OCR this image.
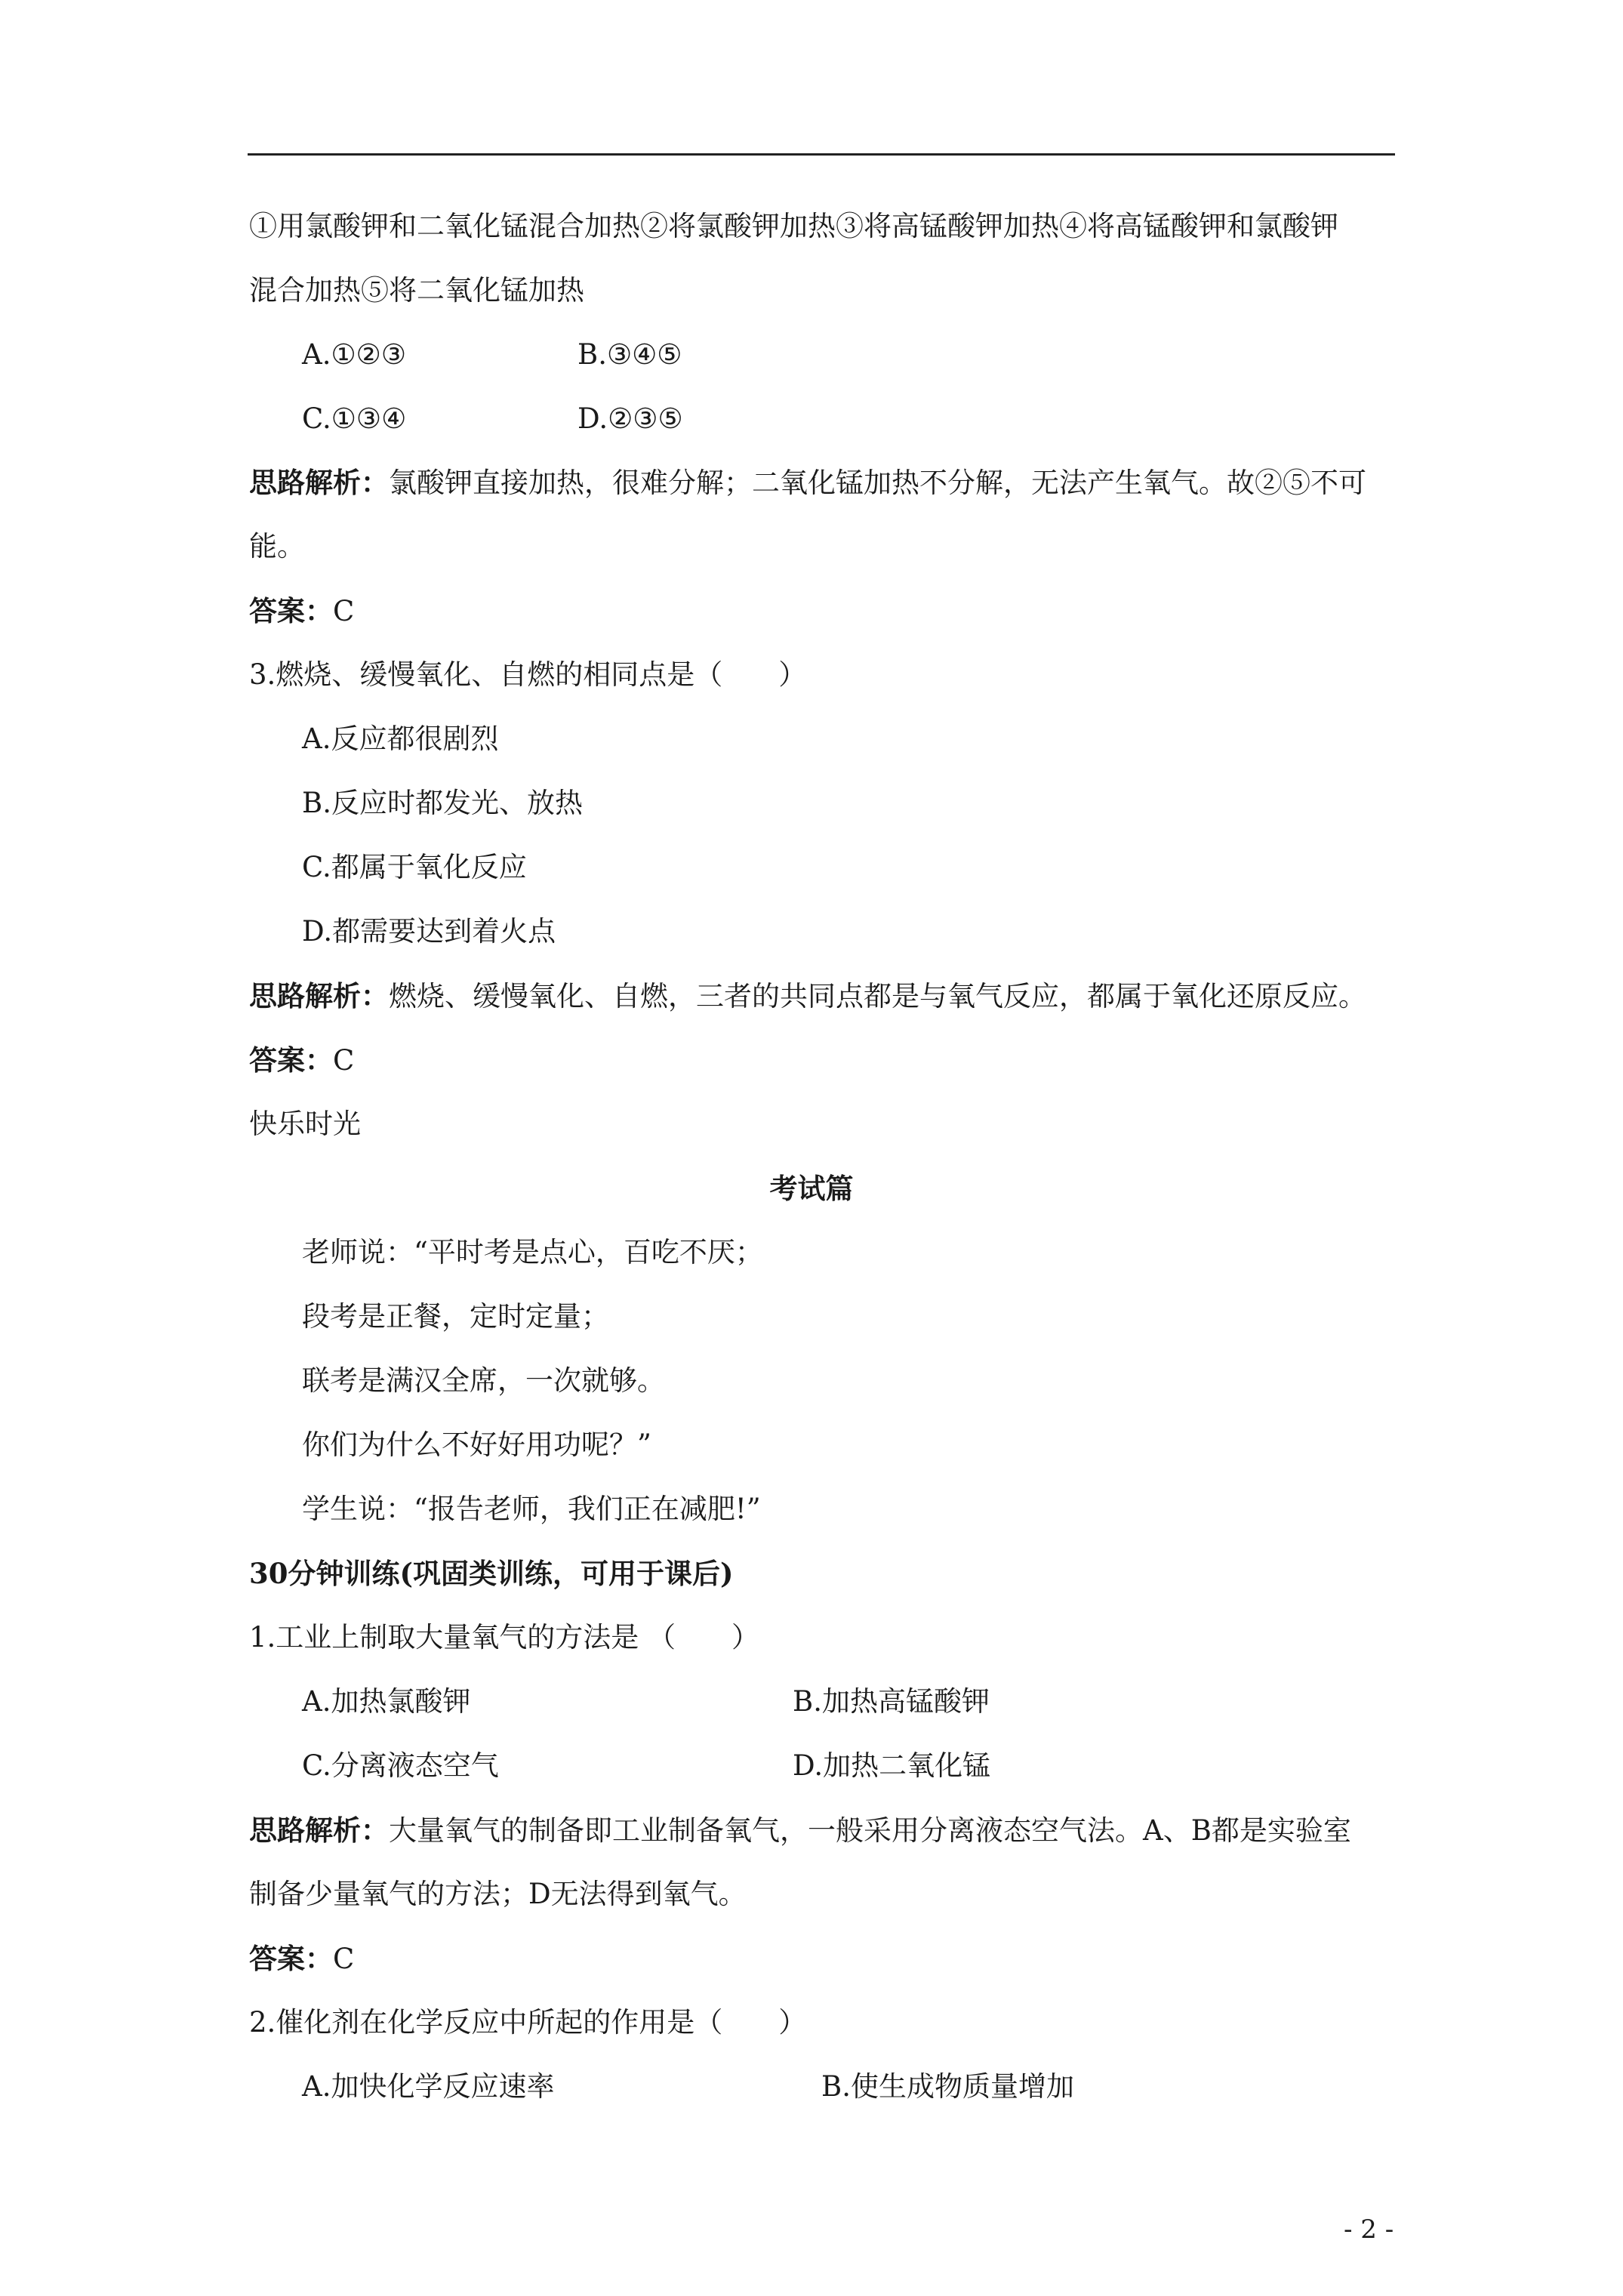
①用氯酸钾和二氧化锰混合加热②将氯酸钾加热③将高锰酸钾加热④将高锰酸钾和氯酸钾
混合加热⑤将二氧化锰加热
A.①②③	B.③④⑤
C.①③④	D.②③⑤
思路解析：氯酸钾直接加热，很难分解；二氧化锰加热不分解，无法产生氧气。故②⑤不可
能。
答案：C
3.燃烧、缓慢氧化、自燃的相同点是（　　）
A.反应都很剧烈
B.反应时都发光、放热
C.都属于氧化反应
D.都需要达到着火点
思路解析：燃烧、缓慢氧化、自燃，三者的共同点都是与氧气反应，都属于氧化还原反应。
答案：C
快乐时光
考试篇
老师说：“平时考是点心，百吃不厌；
段考是正餐，定时定量；
联考是满汉全席，一次就够。
你们为什么不好好用功呢？”
学生说：“报告老师，我们正在减肥!”
30分钟训练(巩固类训练，可用于课后)
1.工业上制取大量氧气的方法是 （　　）
A.加热氯酸钾	B.加热高锰酸钾
C.分离液态空气	D.加热二氧化锰
思路解析：大量氧气的制备即工业制备氧气，一般采用分离液态空气法。A、B都是实验室
制备少量氧气的方法；D无法得到氧气。
答案：C
2.催化剂在化学反应中所起的作用是（　　）
A.加快化学反应速率	B.使生成物质量增加
- 2 -
